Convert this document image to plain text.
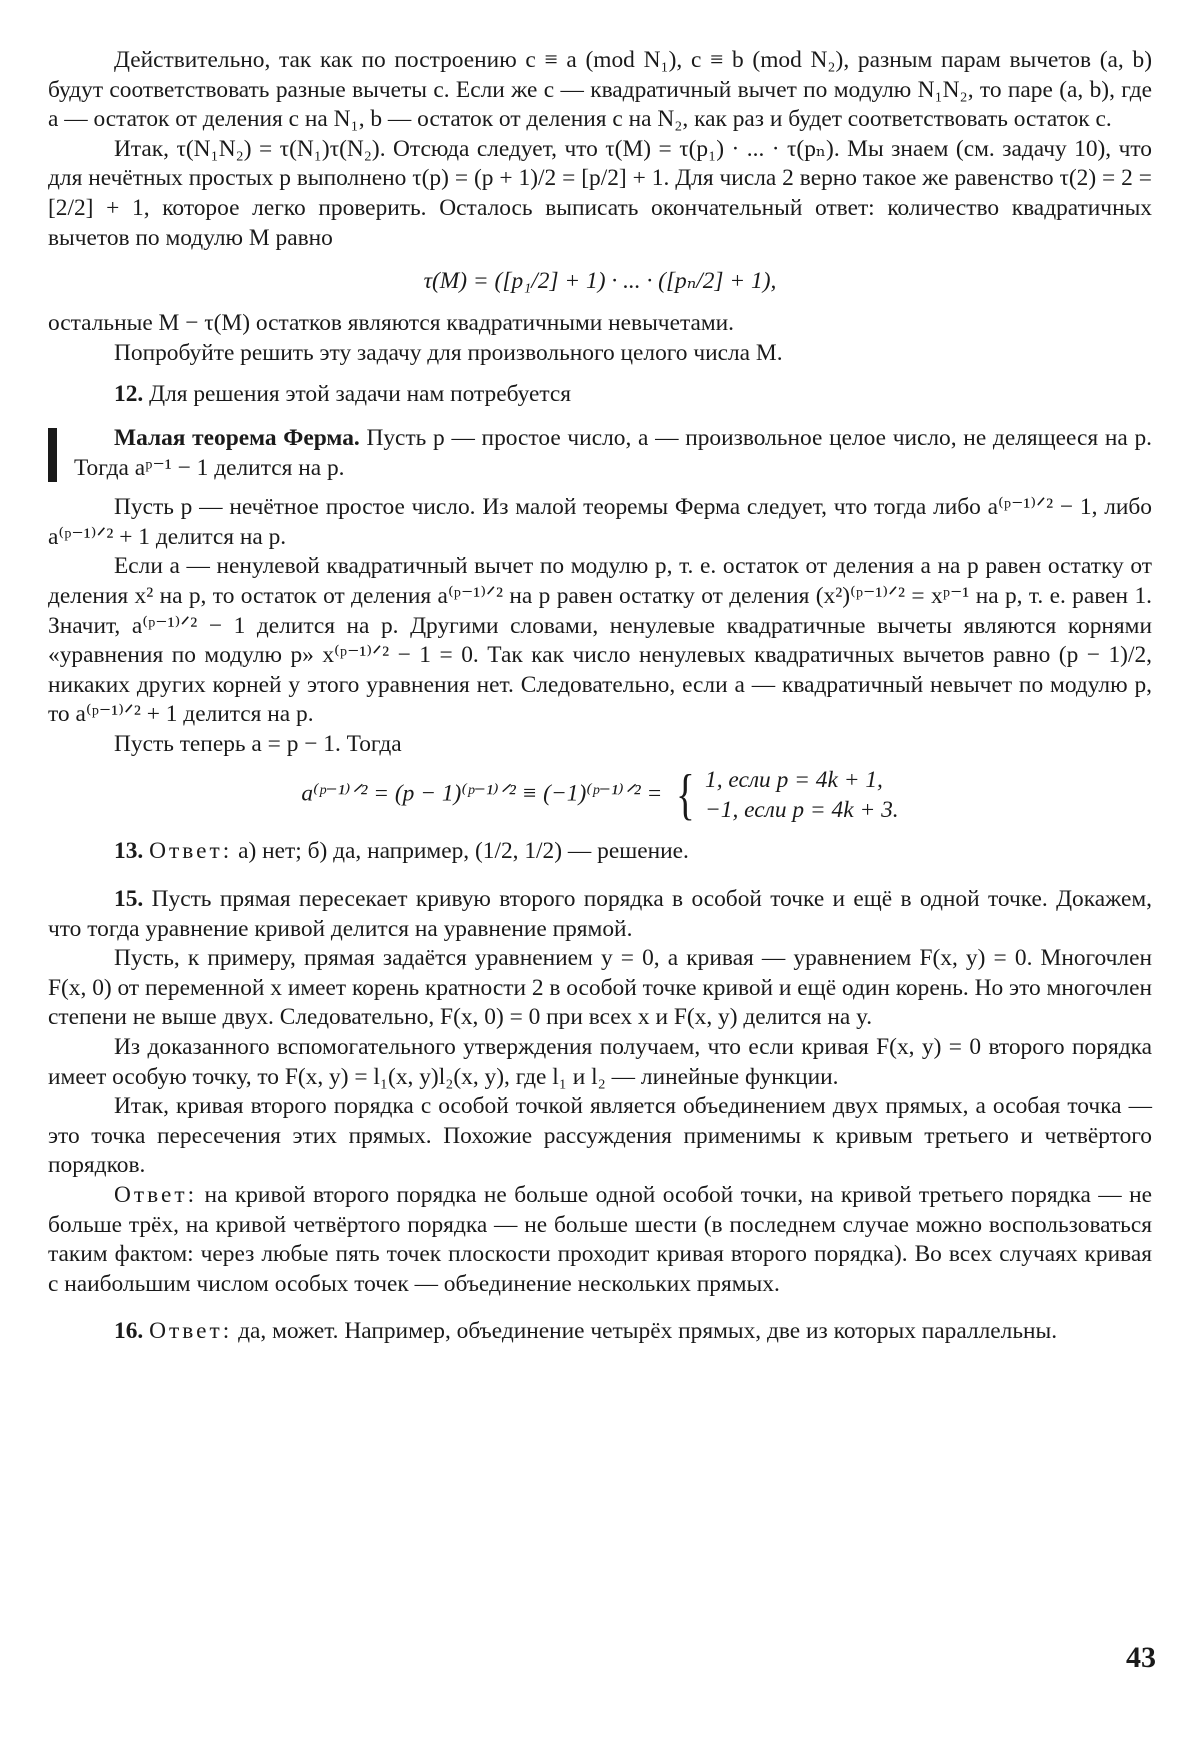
Действительно, так как по построению c ≡ a (mod N₁), c ≡ b (mod N₂), разным парам вычетов (a, b) будут соответствовать разные вычеты c. Если же c — квадратичный вычет по модулю N₁N₂, то паре (a, b), где a — остаток от деления c на N₁, b — остаток от деления c на N₂, как раз и будет соответствовать остаток c.

Итак, τ(N₁N₂) = τ(N₁)τ(N₂). Отсюда следует, что τ(M) = τ(p₁) · ... · τ(pₙ). Мы знаем (см. задачу 10), что для нечётных простых p выполнено τ(p) = (p + 1)/2 = [p/2] + 1. Для числа 2 верно такое же равенство τ(2) = 2 = [2/2] + 1, которое легко проверить. Осталось выписать окончательный ответ: количество квадратичных вычетов по модулю M равно

τ(M) = ([p₁/2] + 1) · ... · ([pₙ/2] + 1),

остальные M − τ(M) остатков являются квадратичными невычетами.

Попробуйте решить эту задачу для произвольного целого числа M.

12. Для решения этой задачи нам потребуется

Малая теорема Ферма. Пусть p — простое число, a — произвольное целое число, не делящееся на p. Тогда aᵖ⁻¹ − 1 делится на p.

Пусть p — нечётное простое число. Из малой теоремы Ферма следует, что тогда либо a⁽ᵖ⁻¹⁾ᐟ² − 1, либо a⁽ᵖ⁻¹⁾ᐟ² + 1 делится на p.

Если a — ненулевой квадратичный вычет по модулю p, т. е. остаток от деления a на p равен остатку от деления x² на p, то остаток от деления a⁽ᵖ⁻¹⁾ᐟ² на p равен остатку от деления (x²)⁽ᵖ⁻¹⁾ᐟ² = xᵖ⁻¹ на p, т. е. равен 1. Значит, a⁽ᵖ⁻¹⁾ᐟ² − 1 делится на p. Другими словами, ненулевые квадратичные вычеты являются корнями «уравнения по модулю p» x⁽ᵖ⁻¹⁾ᐟ² − 1 = 0. Так как число ненулевых квадратичных вычетов равно (p − 1)/2, никаких других корней у этого уравнения нет. Следовательно, если a — квадратичный невычет по модулю p, то a⁽ᵖ⁻¹⁾ᐟ² + 1 делится на p.

Пусть теперь a = p − 1. Тогда

a⁽ᵖ⁻¹⁾ᐟ² = (p − 1)⁽ᵖ⁻¹⁾ᐟ² ≡ (−1)⁽ᵖ⁻¹⁾ᐟ² = { 1, если p = 4k + 1,
−1, если p = 4k + 3.

13. Ответ: а) нет; б) да, например, (1/2, 1/2) — решение.

15. Пусть прямая пересекает кривую второго порядка в особой точке и ещё в одной точке. Докажем, что тогда уравнение кривой делится на уравнение прямой.

Пусть, к примеру, прямая задаётся уравнением y = 0, а кривая — уравнением F(x, y) = 0. Многочлен F(x, 0) от переменной x имеет корень кратности 2 в особой точке кривой и ещё один корень. Но это многочлен степени не выше двух. Следовательно, F(x, 0) = 0 при всех x и F(x, y) делится на y.

Из доказанного вспомогательного утверждения получаем, что если кривая F(x, y) = 0 второго порядка имеет особую точку, то F(x, y) = l₁(x, y)l₂(x, y), где l₁ и l₂ — линейные функции.

Итак, кривая второго порядка с особой точкой является объединением двух прямых, а особая точка — это точка пересечения этих прямых. Похожие рассуждения применимы к кривым третьего и четвёртого порядков.

Ответ: на кривой второго порядка не больше одной особой точки, на кривой третьего порядка — не больше трёх, на кривой четвёртого порядка — не больше шести (в последнем случае можно воспользоваться таким фактом: через любые пять точек плоскости проходит кривая второго порядка). Во всех случаях кривая с наибольшим числом особых точек — объединение нескольких прямых.

16. Ответ: да, может. Например, объединение четырёх прямых, две из которых параллельны.

43
